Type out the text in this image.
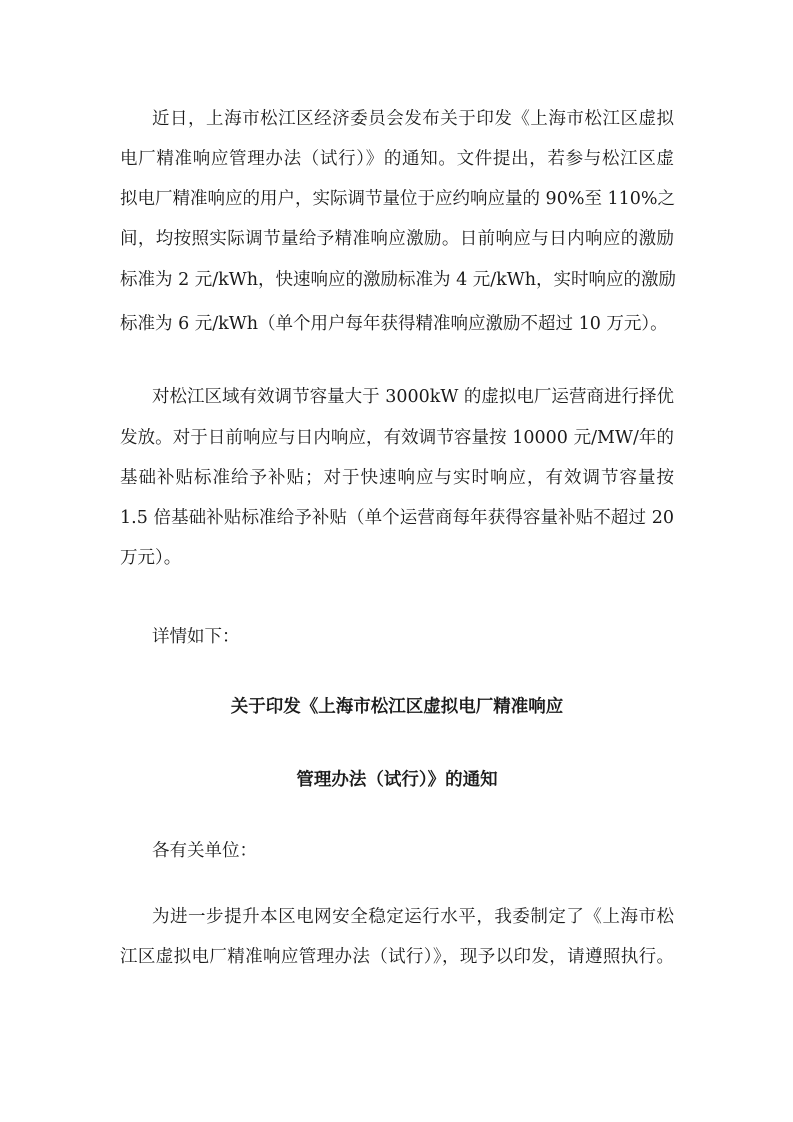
近日，上海市松江区经济委员会发布关于印发《上海市松江区虚拟
电厂精准响应管理办法（试行）》的通知。文件提出，若参与松江区虚
拟电厂精准响应的用户，实际调节量位于应约响应量的 90%至 110%之
间，均按照实际调节量给予精准响应激励。日前响应与日内响应的激励
标准为 2 元/kWh，快速响应的激励标准为 4 元/kWh，实时响应的激励
标准为 6 元/kWh（单个用户每年获得精准响应激励不超过 10 万元）。
对松江区域有效调节容量大于 3000kW 的虚拟电厂运营商进行择优
发放。对于日前响应与日内响应，有效调节容量按 10000 元/MW/年的
基础补贴标准给予补贴；对于快速响应与实时响应，有效调节容量按
1.5 倍基础补贴标准给予补贴（单个运营商每年获得容量补贴不超过 20
万元）。
详情如下：
关于印发《上海市松江区虚拟电厂精准响应
管理办法（试行）》的通知
各有关单位：
为进一步提升本区电网安全稳定运行水平，我委制定了《上海市松
江区虚拟电厂精准响应管理办法（试行）》，现予以印发，请遵照执行。
